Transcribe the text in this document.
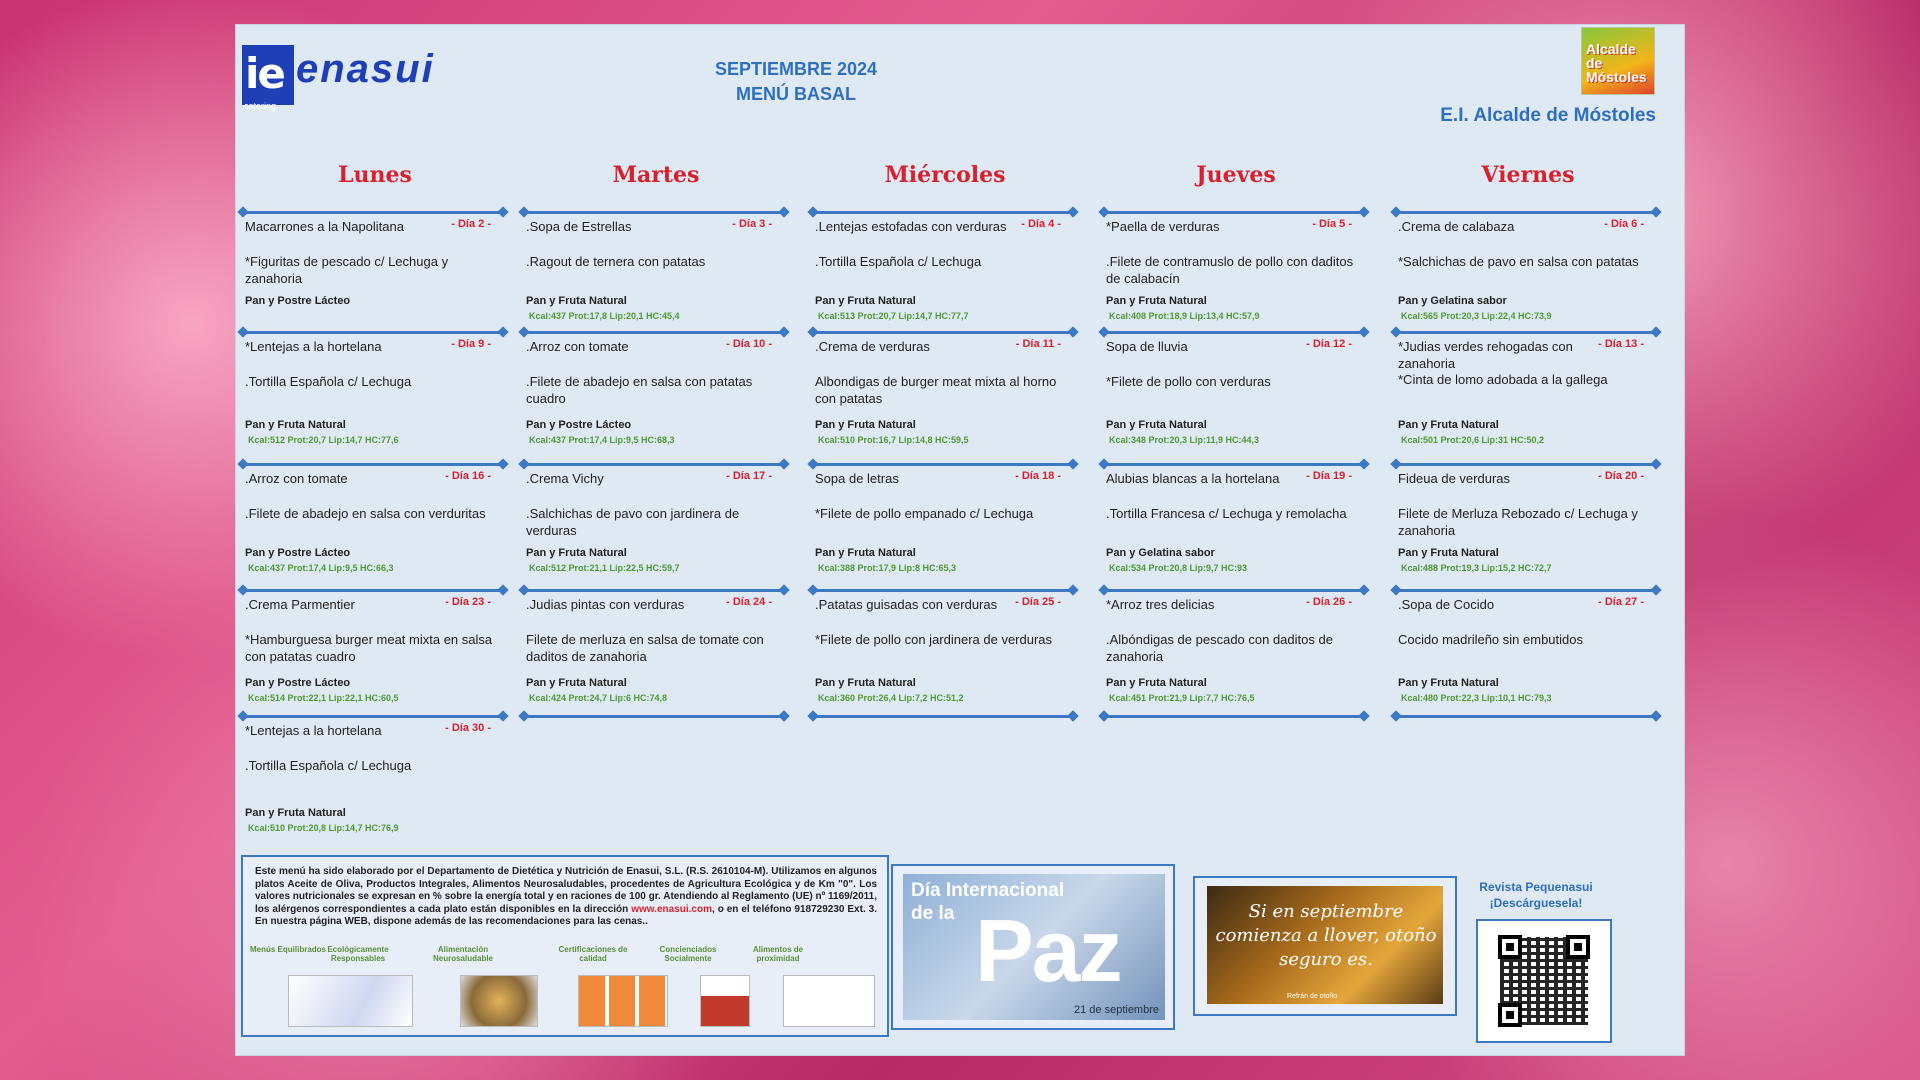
ie enasui
catering
SEPTIEMBRE 2024
MENÚ BASAL
Alcalde de Móstoles
E.I. Alcalde de Móstoles
Lunes	Martes	Miércoles	Jueves	Viernes
Macarrones a la Napolitana	- Día 2 -
*Figuritas de pescado c/ Lechuga y zanahoria
Pan y Postre Lácteo
.Sopa de Estrellas	- Día 3 -
.Ragout de ternera con patatas
Pan y Fruta Natural
Kcal:437 Prot:17,8 Lip:20,1 HC:45,4
.Lentejas estofadas con verduras	- Día 4 -
.Tortilla Española c/ Lechuga
Pan y Fruta Natural
Kcal:513 Prot:20,7 Lip:14,7 HC:77,7
*Paella de verduras	- Día 5 -
.Filete de contramuslo de pollo con daditos de calabacín
Pan y Fruta Natural
Kcal:408 Prot:18,9 Lip:13,4 HC:57,9
.Crema de calabaza	- Día 6 -
*Salchichas de pavo en salsa con patatas
Pan y Gelatina sabor
Kcal:565 Prot:20,3 Lip:22,4 HC:73,9
*Lentejas a la hortelana	- Día 9 -
.Tortilla Española c/ Lechuga
Pan y Fruta Natural
Kcal:512 Prot:20,7 Lip:14,7 HC:77,6
.Arroz con tomate	- Día 10 -
.Filete de abadejo en salsa con patatas cuadro
Pan y Postre Lácteo
Kcal:437 Prot:17,4 Lip:9,5 HC:68,3
.Crema de verduras	- Día 11 -
Albondigas de burger meat mixta al horno con patatas
Pan y Fruta Natural
Kcal:510 Prot:16,7 Lip:14,8 HC:59,5
Sopa de lluvia	- Día 12 -
*Filete de pollo con verduras
Pan y Fruta Natural
Kcal:348 Prot:20,3 Lip:11,9 HC:44,3
*Judias verdes rehogadas con zanahoria
- Día 13 -
*Cinta de lomo adobada a la gallega
Pan y Fruta Natural
Kcal:501 Prot:20,6 Lip:31 HC:50,2
.Arroz con tomate	- Día 16 -
.Filete de abadejo en salsa con verduritas
Pan y Postre Lácteo
Kcal:437 Prot:17,4 Lip:9,5 HC:66,3
.Crema Vichy	- Día 17 -
.Salchichas de pavo con jardinera de verduras
Pan y Fruta Natural
Kcal:512 Prot:21,1 Lip:22,5 HC:59,7
Sopa de letras	- Día 18 -
*Filete de pollo empanado c/ Lechuga
Pan y Fruta Natural
Kcal:388 Prot:17,9 Lip:8 HC:65,3
Alubias blancas a la hortelana	- Día 19 -
.Tortilla Francesa c/ Lechuga y remolacha
Pan y Gelatina sabor
Kcal:534 Prot:20,8 Lip:9,7 HC:93
Fideua de verduras	- Día 20 -
Filete de Merluza Rebozado c/ Lechuga y zanahoria
Pan y Fruta Natural
Kcal:488 Prot:19,3 Lip:15,2 HC:72,7
.Crema Parmentier	- Día 23 -
*Hamburguesa burger meat mixta en salsa con patatas cuadro
Pan y Postre Lácteo
Kcal:514 Prot:22,1 Lip:22,1 HC:60,5
.Judias pintas con verduras	- Día 24 -
Filete de merluza en salsa de tomate con daditos de zanahoria
Pan y Fruta Natural
Kcal:424 Prot:24,7 Lip:6 HC:74,8
.Patatas guisadas con verduras	- Día 25 -
*Filete de pollo con jardinera de verduras
Pan y Fruta Natural
Kcal:360 Prot:26,4 Lip:7,2 HC:51,2
*Arroz tres delicias	- Día 26 -
.Albóndigas de pescado con daditos de zanahoria
Pan y Fruta Natural
Kcal:451 Prot:21,9 Lip:7,7 HC:76,5
.Sopa de Cocido	- Día 27 -
Cocido madrileño sin embutidos
Pan y Fruta Natural
Kcal:480 Prot:22,3 Lip:10,1 HC:79,3
*Lentejas a la hortelana	- Día 30 -
.Tortilla Española c/ Lechuga
Pan y Fruta Natural
Kcal:510 Prot:20,8 Lip:14,7 HC:76,9
Este menú ha sido elaborado por el Departamento de Dietética y Nutrición de Enasui, S.L. (R.S. 2610104-M). Utilizamos en algunos platos Aceite de Oliva, Productos Integrales, Alimentos Neurosaludables, procedentes de Agricultura Ecológica y de Km "0". Los valores nutricionales se expresan en % sobre la energía total y en raciones de 100 gr. Atendiendo al Reglamento (UE) nº 1169/2011, los alérgenos correspondientes a cada plato están disponibles en la dirección www.enasui.com, o en el teléfono 918729230 Ext. 3. En nuestra página WEB, dispone además de las recomendaciones para las cenas..
Menús Equilibrados Ecológicamente Responsables
Alimentación Neurosaludable
Certificaciones de calidad
Concienciados Socialmente
Alimentos de proximidad
Día Internacional
de la Paz
21 de septiembre
Si en septiembre comienza a llover, otoño seguro es.
Refrán de otoño
Revista Pequenasui
¡Descárguesela!
